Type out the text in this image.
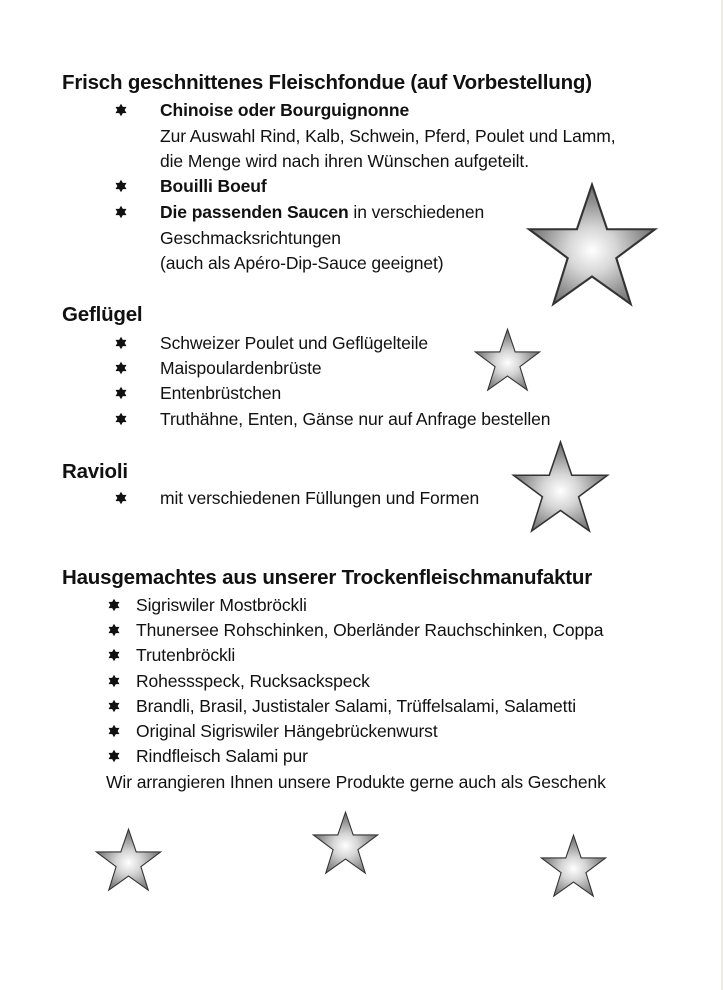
Frisch geschnittenes Fleischfondue (auf Vorbestellung)
Chinoise oder Bourguignonne
Zur Auswahl Rind, Kalb, Schwein, Pferd, Poulet und Lamm,
die Menge wird nach ihren Wünschen aufgeteilt.
Bouilli Boeuf
Die passenden Saucen in verschiedenen
Geschmacksrichtungen
(auch als Apéro-Dip-Sauce geeignet)
Geflügel
Schweizer Poulet und Geflügelteile
Maispoulardenbrüste
Entenbrüstchen
Truthähne, Enten, Gänse nur auf Anfrage bestellen
Ravioli
mit verschiedenen Füllungen und Formen
Hausgemachtes aus unserer Trockenfleischmanufaktur
Sigriswiler Mostbröckli
Thunersee Rohschinken, Oberländer Rauchschinken, Coppa
Trutenbröckli
Rohessspeck, Rucksackspeck
Brandli, Brasil, Justistaler Salami, Trüffelsalami, Salametti
Original Sigriswiler Hängebrückenwurst
Rindfleisch Salami pur
Wir arrangieren Ihnen unsere Produkte gerne auch als Geschenk
